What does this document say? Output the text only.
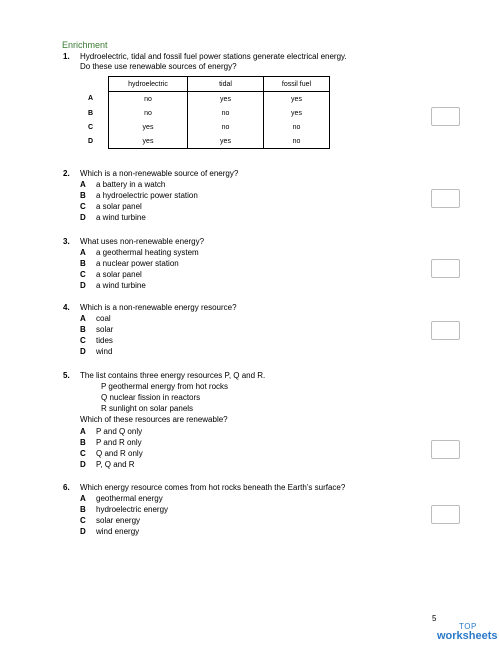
Enrichment
1. Hydroelectric, tidal and fossil fuel power stations generate electrical energy.
Do these use renewable sources of energy?
	hydroelectric	tidal	fossil fuel
A	no	yes	yes
B	no	no	yes
C	yes	no	no
D	yes	yes	no
2. Which is a non-renewable source of energy?
A a battery in a watch
B a hydroelectric power station
C a solar panel
D a wind turbine
3. What uses non-renewable energy?
A a geothermal heating system
B a nuclear power station
C a solar panel
D a wind turbine
4. Which is a non-renewable energy resource?
A coal
B solar
C tides
D wind
5. The list contains three energy resources P, Q and R.
P geothermal energy from hot rocks
Q nuclear fission in reactors
R sunlight on solar panels
Which of these resources are renewable?
A P and Q only
B P and R only
C Q and R only
D P, Q and R
6. Which energy resource comes from hot rocks beneath the Earth’s surface?
A geothermal energy
B hydroelectric energy
C solar energy
D wind energy
5
TOP
worksheets
